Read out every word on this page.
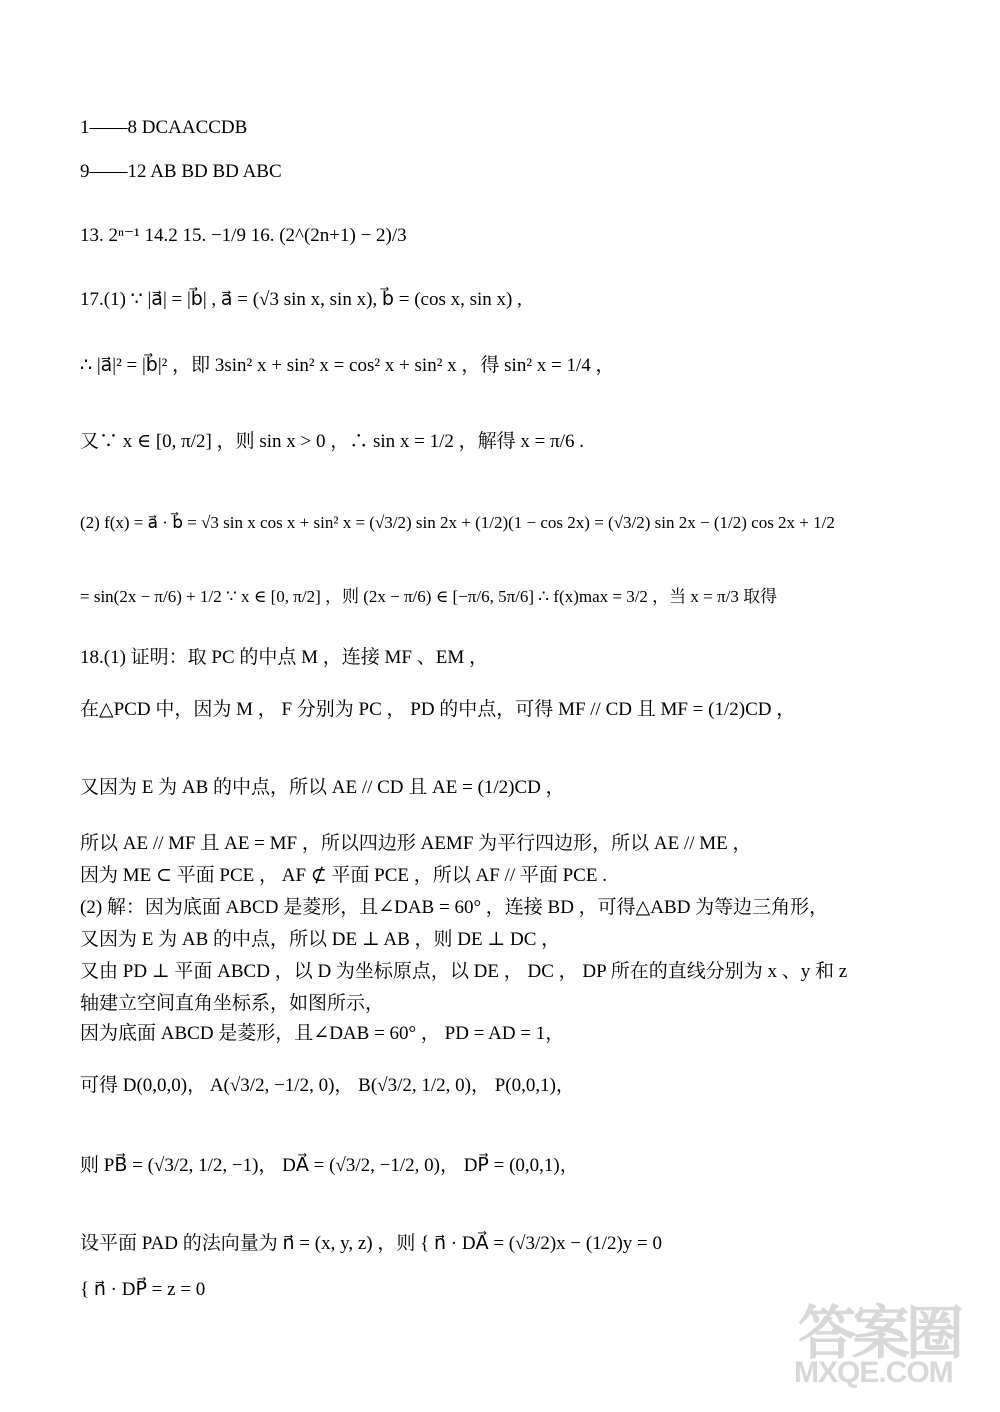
1——8 DCAACCDB
9——12 AB BD BD ABC
13. 2ⁿ⁻¹ 14.2 15. −1/9 16. (2^(2n+1) − 2)/3
17.(1) ∵ |a⃗| = |b⃗| , a⃗ = (√3 sin x, sin x), b⃗ = (cos x, sin x) ,
∴ |a⃗|² = |b⃗|² ，即 3sin² x + sin² x = cos² x + sin² x ，得 sin² x = 1/4 ，
又∵ x ∈ [0, π/2] ，则 sin x > 0 ，∴ sin x = 1/2 ，解得 x = π/6 .
(2) f(x) = a⃗ · b⃗ = √3 sin x cos x + sin² x = (√3/2) sin 2x + (1/2)(1 − cos 2x) = (√3/2) sin 2x − (1/2) cos 2x + 1/2
= sin(2x − π/6) + 1/2 ∵ x ∈ [0, π/2] ，则 (2x − π/6) ∈ [−π/6, 5π/6] ∴ f(x)max = 3/2 ，当 x = π/3 取得
18.(1) 证明：取 PC 的中点 M ，连接 MF 、EM ，
在△PCD 中，因为 M ， F 分别为 PC ， PD 的中点，可得 MF // CD 且 MF = (1/2)CD ，
又因为 E 为 AB 的中点，所以 AE // CD 且 AE = (1/2)CD ，
所以 AE // MF 且 AE = MF ，所以四边形 AEMF 为平行四边形，所以 AE // ME ，
因为 ME ⊂ 平面 PCE ， AF ⊄ 平面 PCE ，所以 AF // 平面 PCE .
(2) 解：因为底面 ABCD 是菱形，且∠DAB = 60° ，连接 BD ，可得△ABD 为等边三角形，
又因为 E 为 AB 的中点，所以 DE ⊥ AB ，则 DE ⊥ DC ，
又由 PD ⊥ 平面 ABCD ，以 D 为坐标原点，以 DE ， DC ， DP 所在的直线分别为 x 、y 和 z
轴建立空间直角坐标系，如图所示，
因为底面 ABCD 是菱形，且∠DAB = 60° ， PD = AD = 1，
可得 D(0,0,0)， A(√3/2, −1/2, 0)， B(√3/2, 1/2, 0)， P(0,0,1)，
则 PB⃗ = (√3/2, 1/2, −1)， DA⃗ = (√3/2, −1/2, 0)， DP⃗ = (0,0,1)，
设平面 PAD 的法向量为 n⃗ = (x, y, z) ，则 { n⃗ · DA⃗ = (√3/2)x − (1/2)y = 0
{ n⃗ · DP⃗ = z = 0
答案圈
MXQE.COM
